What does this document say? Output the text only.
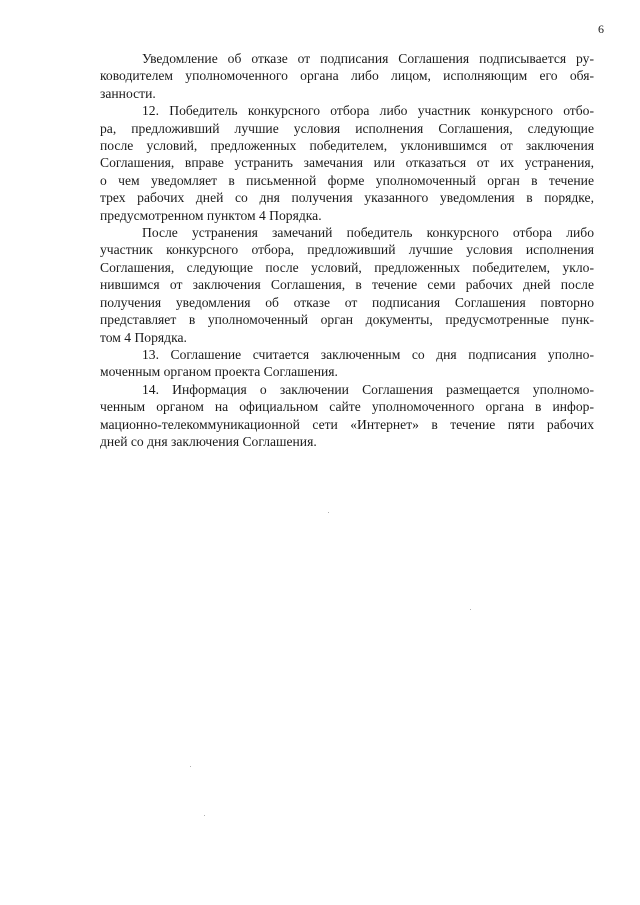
6
Уведомление об отказе от подписания Соглашения подписывается ру-
ководителем уполномоченного органа либо лицом, исполняющим его обя-
занности.
12. Победитель конкурсного отбора либо участник конкурсного отбо-
ра, предложивший лучшие условия исполнения Соглашения, следующие
после условий, предложенных победителем, уклонившимся от заключения
Соглашения, вправе устранить замечания или отказаться от их устранения,
о чем уведомляет в письменной форме уполномоченный орган в течение
трех рабочих дней со дня получения указанного уведомления в порядке,
предусмотренном пунктом 4 Порядка.
После устранения замечаний победитель конкурсного отбора либо
участник конкурсного отбора, предложивший лучшие условия исполнения
Соглашения, следующие после условий, предложенных победителем, укло-
нившимся от заключения Соглашения, в течение семи рабочих дней после
получения уведомления об отказе от подписания Соглашения повторно
представляет в уполномоченный орган документы, предусмотренные пунк-
том 4 Порядка.
13. Соглашение считается заключенным со дня подписания уполно-
моченным органом проекта Соглашения.
14. Информация о заключении Соглашения размещается уполномо-
ченным органом на официальном сайте уполномоченного органа в инфор-
мационно-телекоммуникационной сети «Интернет» в течение пяти рабочих
дней со дня заключения Соглашения.
